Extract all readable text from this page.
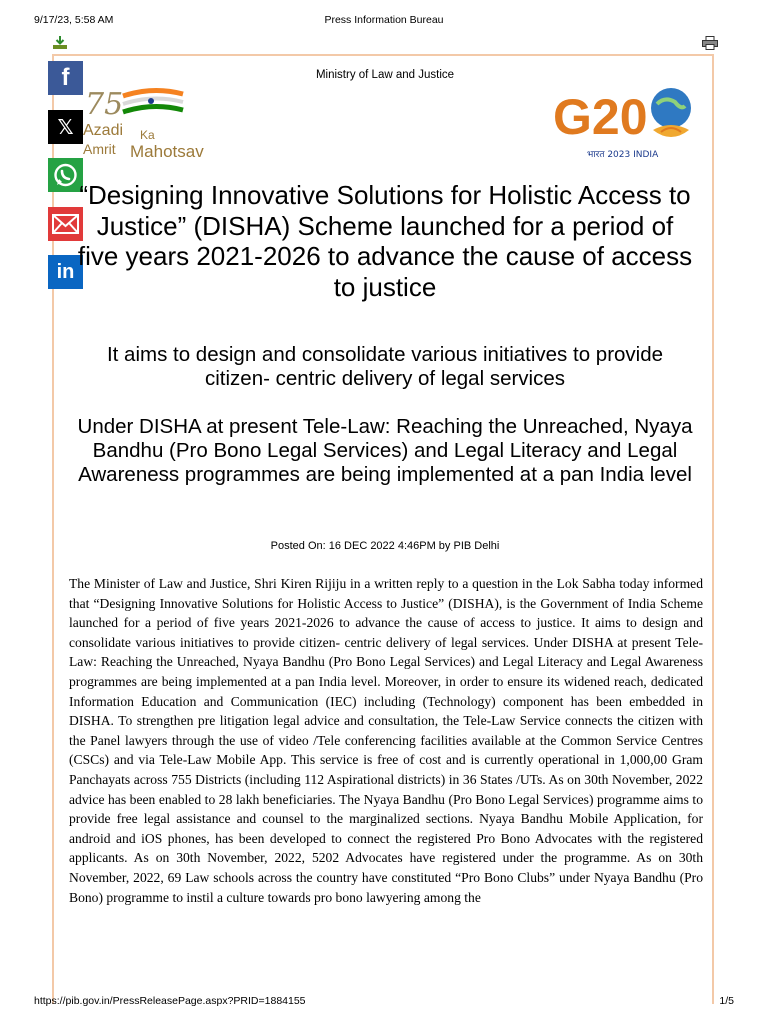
9/17/23, 5:58 AM	Press Information Bureau
f
𝕏
in
Ministry of Law and Justice
75
Azadi Ka
Amrit Mahotsav
G20
भारत 2023 INDIA
“Designing Innovative Solutions for Holistic Access to Justice” (DISHA) Scheme launched for a period of five years 2021-2026 to advance the cause of access to justice
It aims to design and consolidate various initiatives to provide citizen- centric delivery of legal services
Under DISHA at present Tele-Law: Reaching the Unreached, Nyaya Bandhu (Pro Bono Legal Services) and Legal Literacy and Legal Awareness programmes are being implemented at a pan India level
Posted On: 16 DEC 2022 4:46PM by PIB Delhi

The Minister of Law and Justice, Shri Kiren Rijiju in a written reply to a question in the Lok Sabha today informed that “Designing Innovative Solutions for Holistic Access to Justice” (DISHA), is the Government of India Scheme launched for a period of five years 2021-2026 to advance the cause of access to justice. It aims to design and consolidate various initiatives to provide citizen- centric delivery of legal services. Under DISHA at present Tele-Law: Reaching the Unreached, Nyaya Bandhu (Pro Bono Legal Services) and Legal Literacy and Legal Awareness programmes are being implemented at a pan India level. Moreover, in order to ensure its widened reach, dedicated Information Education and Communication (IEC) including (Technology) component has been embedded in DISHA. To strengthen pre litigation legal advice and consultation, the Tele-Law Service connects the citizen with the Panel lawyers through the use of video /Tele conferencing facilities available at the Common Service Centres (CSCs) and via Tele-Law Mobile App. This service is free of cost and is currently operational in 1,000,00 Gram Panchayats across 755 Districts (including 112 Aspirational districts) in 36 States /UTs. As on 30th November, 2022 advice has been enabled to 28 lakh beneficiaries. The Nyaya Bandhu (Pro Bono Legal Services) programme aims to provide free legal assistance and counsel to the marginalized sections. Nyaya Bandhu Mobile Application, for android and iOS phones, has been developed to connect the registered Pro Bono Advocates with the registered applicants. As on 30th November, 2022, 5202 Advocates have registered under the programme. As on 30th November, 2022, 69 Law schools across the country have constituted “Pro Bono Clubs” under Nyaya Bandhu (Pro Bono) programme to instil a culture towards pro bono lawyering among the

https://pib.gov.in/PressReleasePage.aspx?PRID=1884155	1/5
